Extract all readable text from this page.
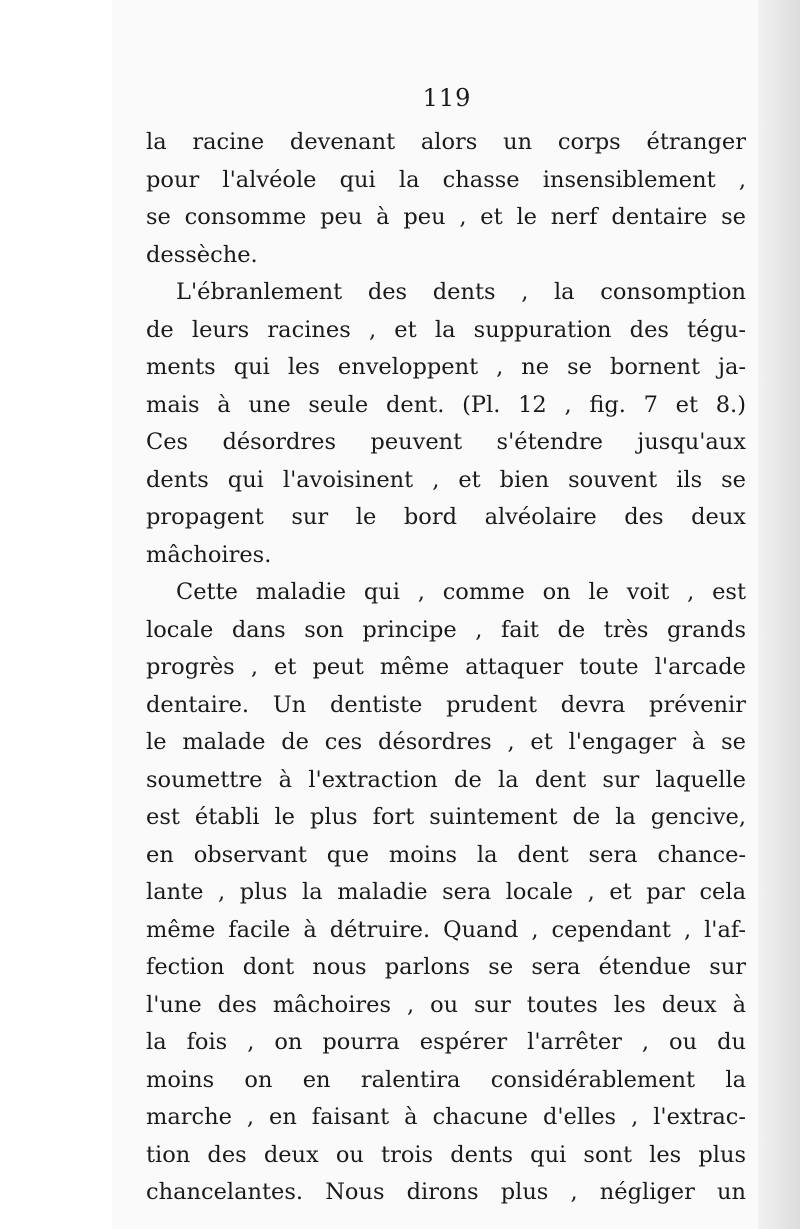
119
la racine devenant alors un corps étranger
pour l'alvéole qui la chasse insensiblement ,
se consomme peu à peu , et le nerf dentaire se
dessèche.
L'ébranlement des dents , la consomption
de leurs racines , et la suppuration des tégu-
ments qui les enveloppent , ne se bornent ja-
mais à une seule dent. (Pl. 12 , fig. 7 et 8.)
Ces désordres peuvent s'étendre jusqu'aux
dents qui l'avoisinent , et bien souvent ils se
propagent sur le bord alvéolaire des deux
mâchoires.
Cette maladie qui , comme on le voit , est
locale dans son principe , fait de très grands
progrès , et peut même attaquer toute l'arcade
dentaire. Un dentiste prudent devra prévenir
le malade de ces désordres , et l'engager à se
soumettre à l'extraction de la dent sur laquelle
est établi le plus fort suintement de la gencive,
en observant que moins la dent sera chance-
lante , plus la maladie sera locale , et par cela
même facile à détruire. Quand , cependant , l'af-
fection dont nous parlons se sera étendue sur
l'une des mâchoires , ou sur toutes les deux à
la fois , on pourra espérer l'arrêter , ou du
moins on en ralentira considérablement la
marche , en faisant à chacune d'elles , l'extrac-
tion des deux ou trois dents qui sont les plus
chancelantes. Nous dirons plus , négliger un
